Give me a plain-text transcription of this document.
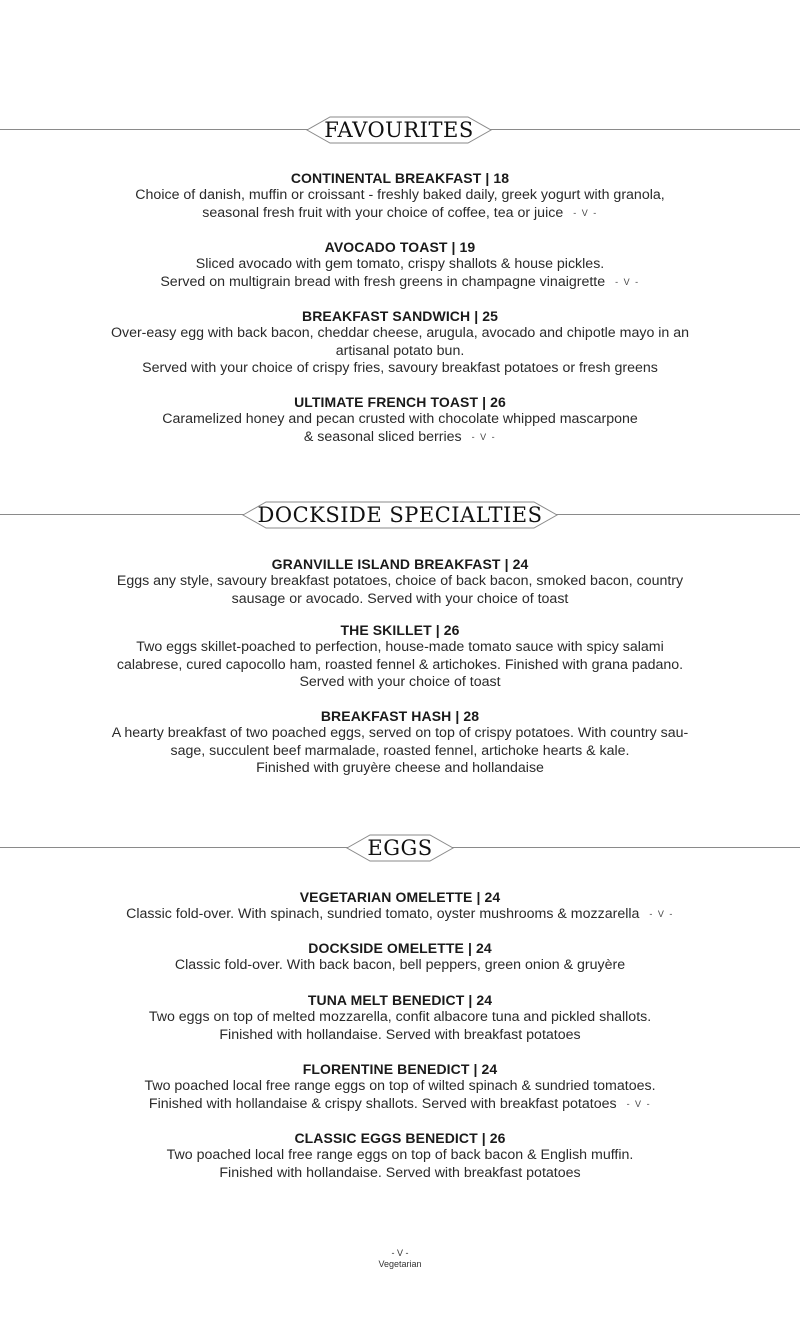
FAVOURITES
CONTINENTAL BREAKFAST | 18
Choice of danish, muffin or croissant - freshly baked daily, greek yogurt with granola,
seasonal fresh fruit with your choice of coffee, tea or juice - V -
AVOCADO TOAST | 19
Sliced avocado with gem tomato, crispy shallots & house pickles.
Served on multigrain bread with fresh greens in champagne vinaigrette - V -
BREAKFAST SANDWICH | 25
Over-easy egg with back bacon, cheddar cheese, arugula, avocado and chipotle mayo in an
artisanal potato bun.
Served with your choice of crispy fries, savoury breakfast potatoes or fresh greens
ULTIMATE FRENCH TOAST | 26
Caramelized honey and pecan crusted with chocolate whipped mascarpone
& seasonal sliced berries - V -
DOCKSIDE SPECIALTIES
GRANVILLE ISLAND BREAKFAST | 24
Eggs any style, savoury breakfast potatoes, choice of back bacon, smoked bacon, country
sausage or avocado. Served with your choice of toast
THE SKILLET | 26
Two eggs skillet-poached to perfection, house-made tomato sauce with spicy salami
calabrese, cured capocollo ham, roasted fennel & artichokes. Finished with grana padano.
Served with your choice of toast
BREAKFAST HASH | 28
A hearty breakfast of two poached eggs, served on top of crispy potatoes. With country sau-
sage, succulent beef marmalade, roasted fennel, artichoke hearts & kale.
Finished with gruyère cheese and hollandaise
EGGS
VEGETARIAN OMELETTE | 24
Classic fold-over. With spinach, sundried tomato, oyster mushrooms & mozzarella - V -
DOCKSIDE OMELETTE | 24
Classic fold-over. With back bacon, bell peppers, green onion & gruyère
TUNA MELT BENEDICT | 24
Two eggs on top of melted mozzarella, confit albacore tuna and pickled shallots.
Finished with hollandaise. Served with breakfast potatoes
FLORENTINE BENEDICT | 24
Two poached local free range eggs on top of wilted spinach & sundried tomatoes.
Finished with hollandaise & crispy shallots. Served with breakfast potatoes - V -
CLASSIC EGGS BENEDICT | 26
Two poached local free range eggs on top of back bacon & English muffin.
Finished with hollandaise. Served with breakfast potatoes
- V -
Vegetarian
